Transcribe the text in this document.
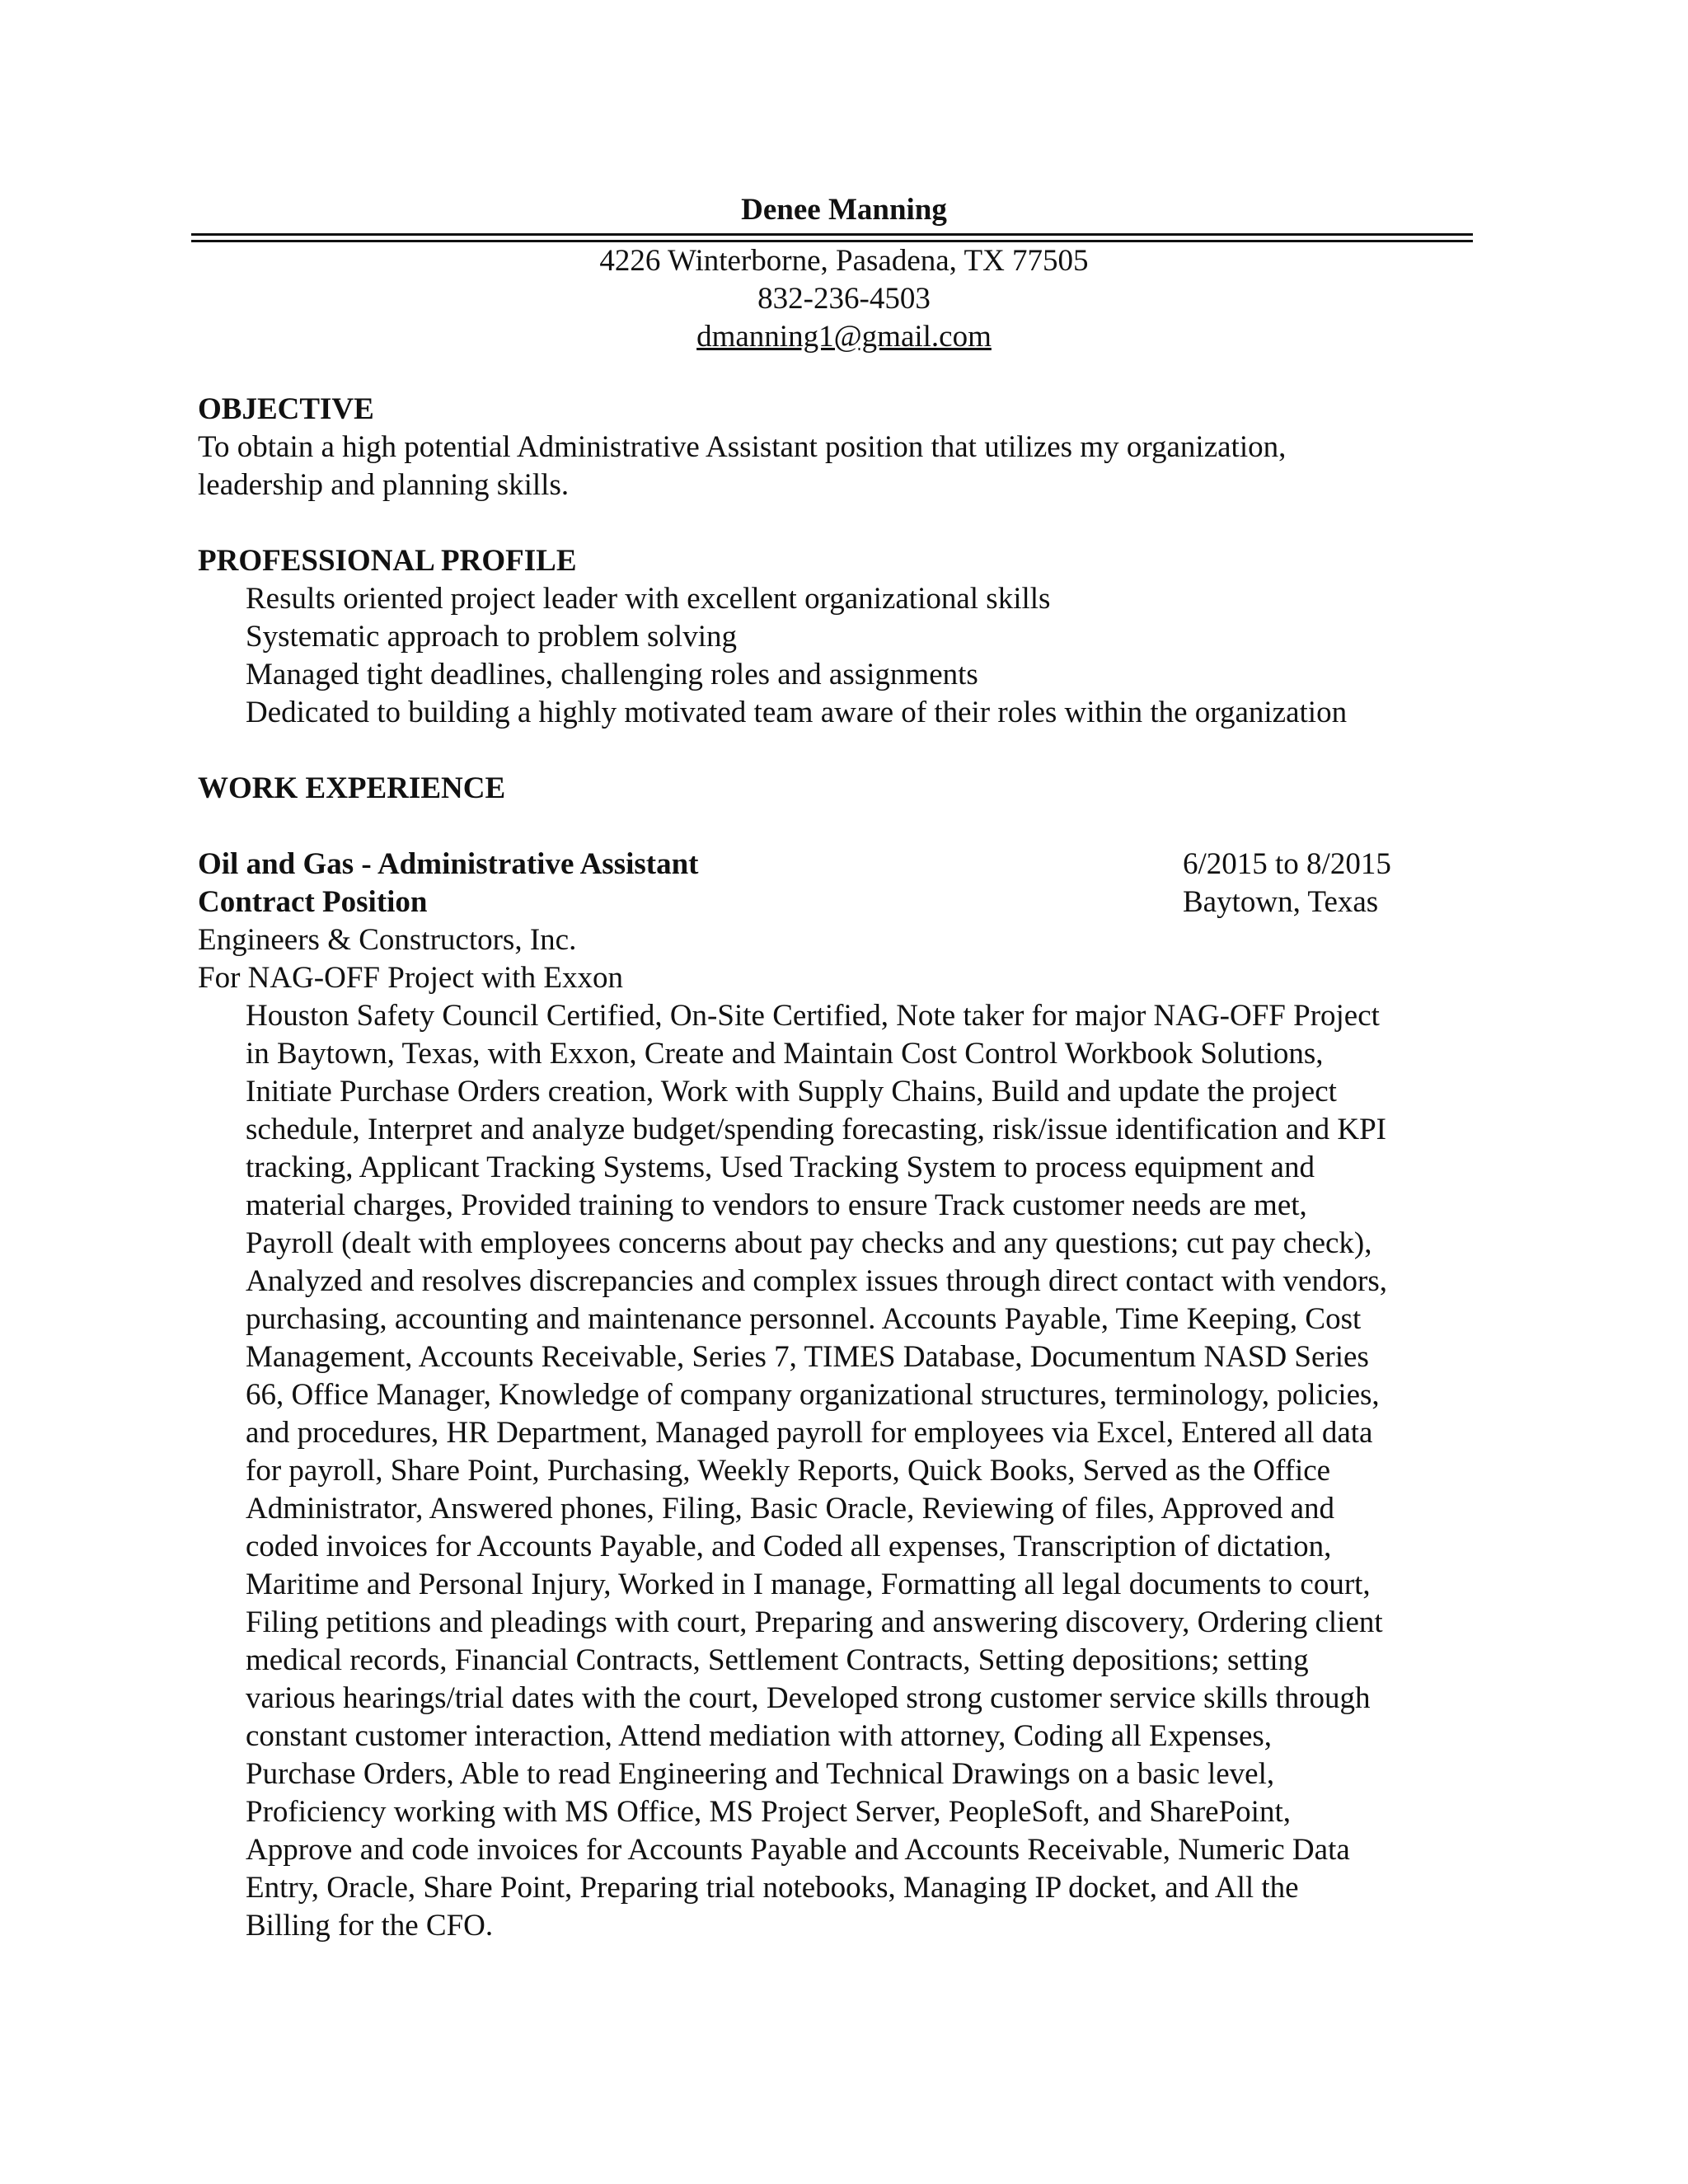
Denee Manning
4226 Winterborne, Pasadena, TX 77505
832-236-4503
dmanning1@gmail.com
OBJECTIVE
To obtain a high potential Administrative Assistant position that utilizes my organization,
leadership and planning skills.
PROFESSIONAL PROFILE
Results oriented project leader with excellent organizational skills
Systematic approach to problem solving
Managed tight deadlines, challenging roles and assignments
Dedicated to building a highly motivated team aware of their roles within the organization
WORK EXPERIENCE
Oil and Gas - Administrative Assistant	6/2015 to 8/2015
Contract Position	Baytown, Texas
Engineers & Constructors, Inc.
For NAG-OFF Project with Exxon
Houston Safety Council Certified, On-Site Certified, Note taker for major NAG-OFF Project
in Baytown, Texas, with Exxon, Create and Maintain Cost Control Workbook Solutions,
Initiate Purchase Orders creation, Work with Supply Chains, Build and update the project
schedule, Interpret and analyze budget/spending forecasting, risk/issue identification and KPI
tracking, Applicant Tracking Systems, Used Tracking System to process equipment and
material charges, Provided training to vendors to ensure Track customer needs are met,
Payroll (dealt with employees concerns about pay checks and any questions; cut pay check),
Analyzed and resolves discrepancies and complex issues through direct contact with vendors,
purchasing, accounting and maintenance personnel. Accounts Payable, Time Keeping, Cost
Management, Accounts Receivable, Series 7, TIMES Database, Documentum NASD Series
66, Office Manager, Knowledge of company organizational structures, terminology, policies,
and procedures, HR Department, Managed payroll for employees via Excel, Entered all data
for payroll, Share Point, Purchasing, Weekly Reports, Quick Books, Served as the Office
Administrator, Answered phones, Filing, Basic Oracle, Reviewing of files, Approved and
coded invoices for Accounts Payable, and Coded all expenses, Transcription of dictation,
Maritime and Personal Injury, Worked in I manage, Formatting all legal documents to court,
Filing petitions and pleadings with court, Preparing and answering discovery, Ordering client
medical records, Financial Contracts, Settlement Contracts, Setting depositions; setting
various hearings/trial dates with the court, Developed strong customer service skills through
constant customer interaction, Attend mediation with attorney, Coding all Expenses,
Purchase Orders, Able to read Engineering and Technical Drawings on a basic level,
Proficiency working with MS Office, MS Project Server, PeopleSoft, and SharePoint,
Approve and code invoices for Accounts Payable and Accounts Receivable, Numeric Data
Entry, Oracle, Share Point, Preparing trial notebooks, Managing IP docket, and All the
Billing for the CFO.
